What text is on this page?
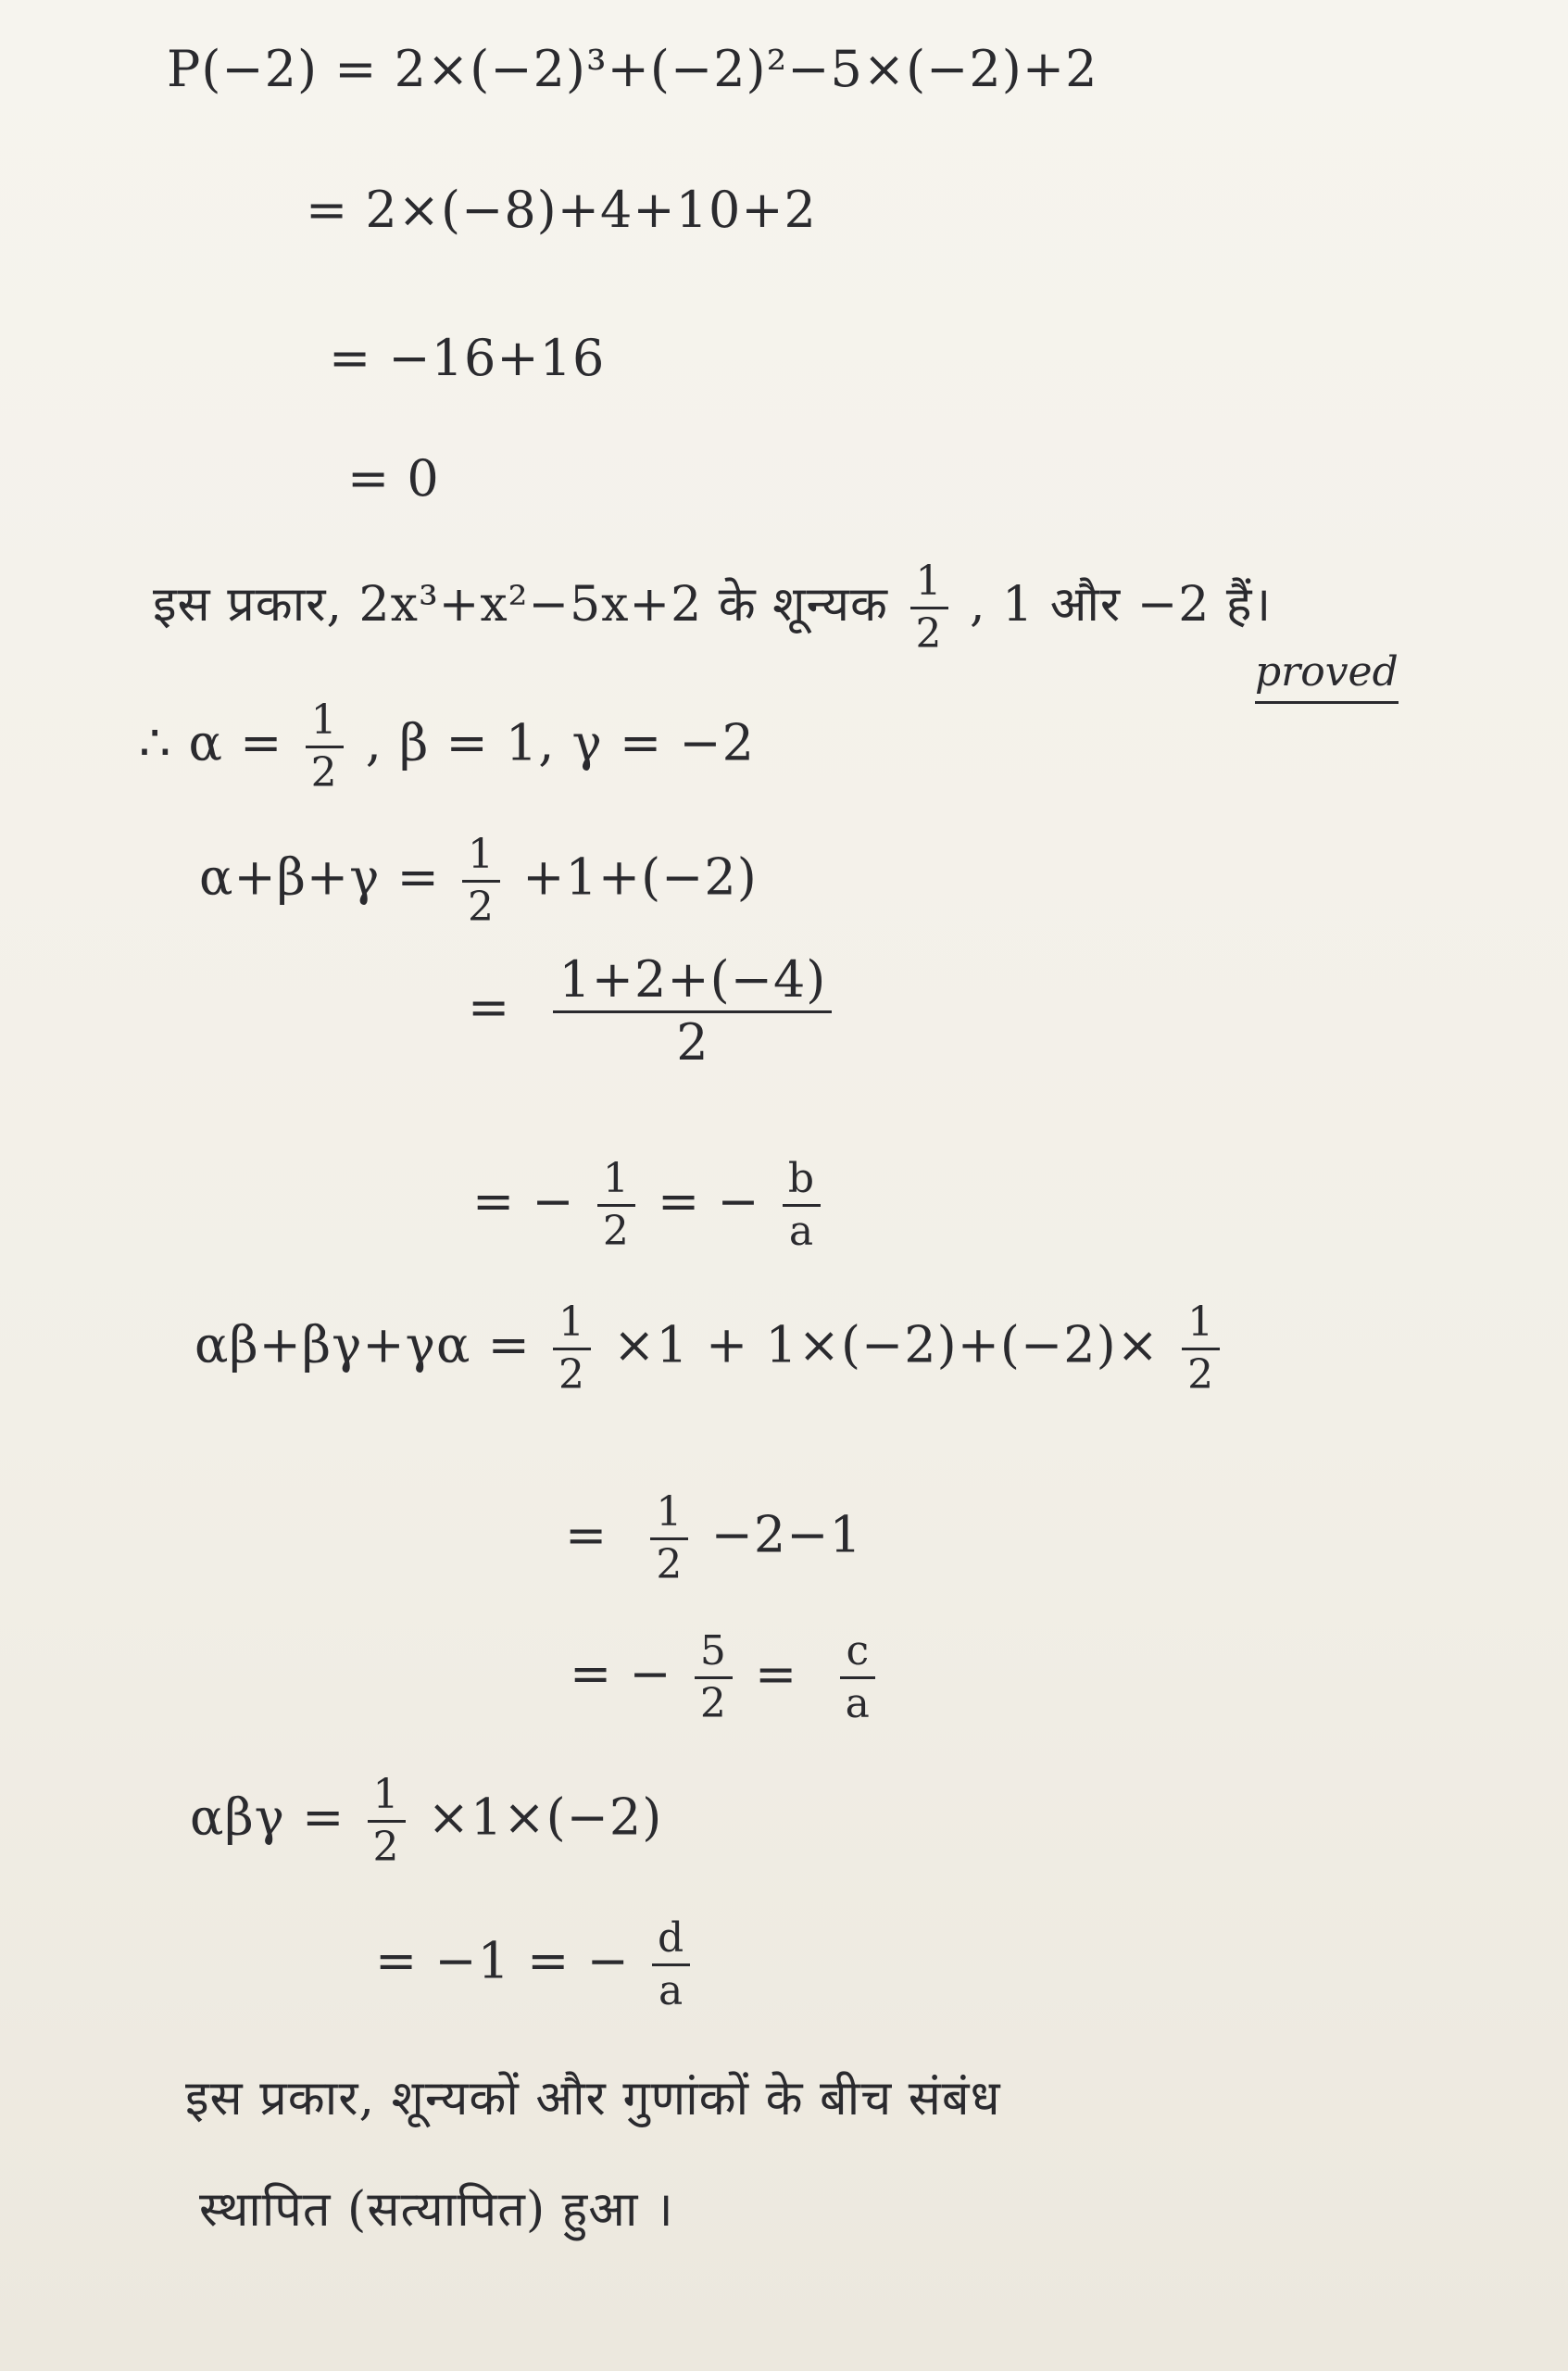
P(−2) = 2×(−2)³+(−2)²−5×(−2)+2
= 2×(−8)+4+10+2
= −16+16
= 0
इस प्रकार, 2x³+x²−5x+2 के शून्यक $\frac{1}{2}$ , 1 और −2 हैं।
proved
∴ $\alpha = \frac{1}{2}$ , β = 1, γ = −2
$\alpha+\beta+\gamma = \frac{1}{2} +1+(-2)$
= $\frac{1+2+(-4)}{2}$
= − $\frac{1}{2}$ = − $\frac{b}{a}$
$\alpha\beta+\beta\gamma+\gamma\alpha = \frac{1}{2} \times 1 + 1\times(-2)+(-2)\times \frac{1}{2}$
= $\frac{1}{2} -2-1$
= − $\frac{5}{2} = \frac{c}{a}$
$\alpha\beta\gamma = \frac{1}{2} \times 1\times(-2)$
= −1 = − $\frac{d}{a}$
इस प्रकार, शून्यकों और गुणांकों के बीच संबंध
स्थापित (सत्यापित) हुआ ।
